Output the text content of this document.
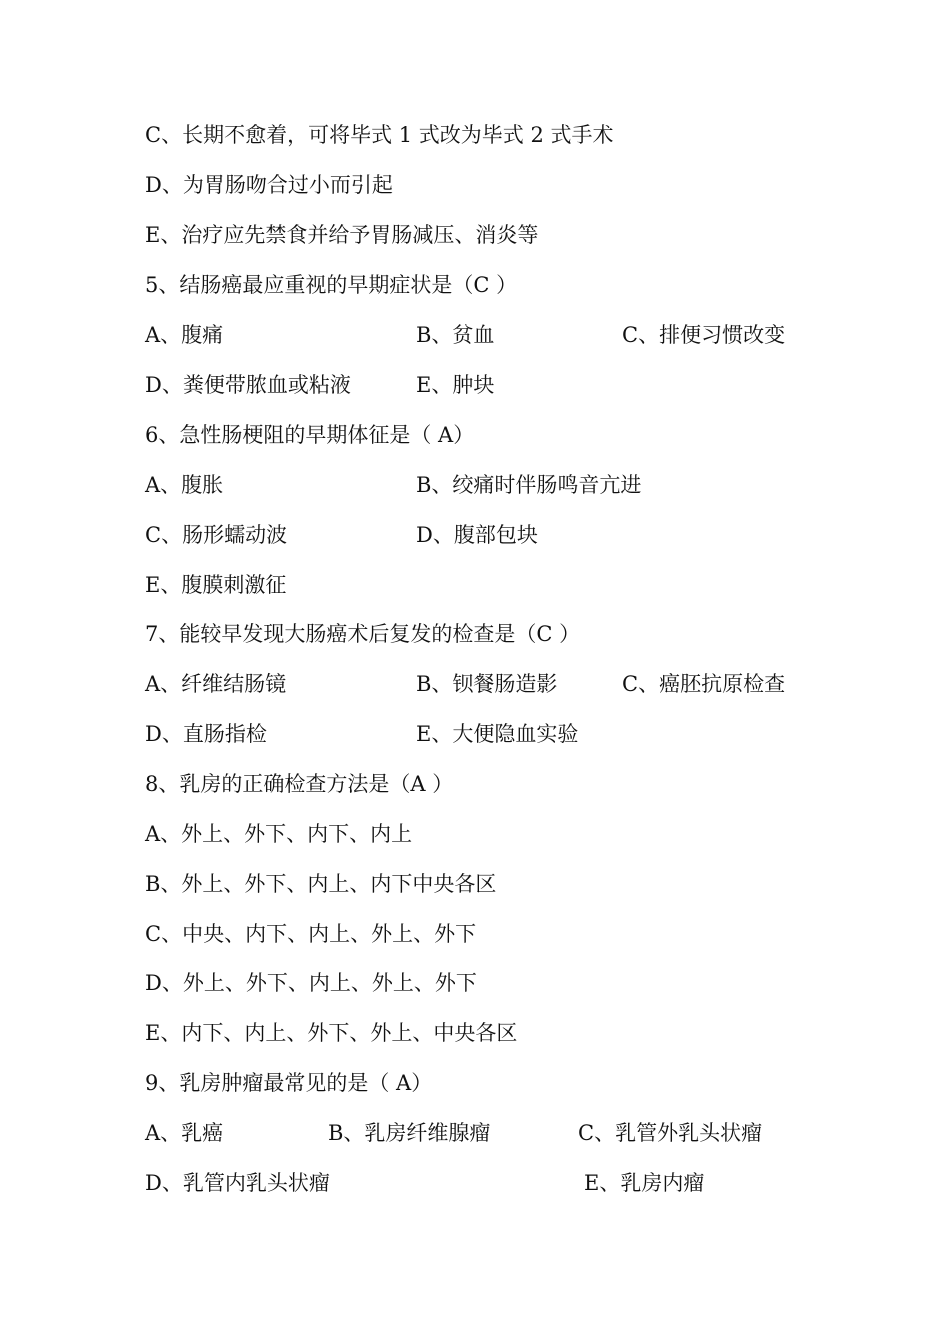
C、长期不愈着，可将毕式 1 式改为毕式 2 式手术
D、为胃肠吻合过小而引起
E、治疗应先禁食并给予胃肠减压、消炎等
5、结肠癌最应重视的早期症状是（C ）
A、腹痛	B、贫血	C、排便习惯改变
D、粪便带脓血或粘液	E、肿块
6、急性肠梗阻的早期体征是（ A）
A、腹胀	B、绞痛时伴肠鸣音亢进
C、肠形蠕动波	D、腹部包块
E、腹膜刺激征
7、能较早发现大肠癌术后复发的检查是（C ）
A、纤维结肠镜	B、钡餐肠造影	C、癌胚抗原检查
D、直肠指检	E、大便隐血实验
8、乳房的正确检查方法是（A ）
A、外上、外下、内下、内上
B、外上、外下、内上、内下中央各区
C、中央、内下、内上、外上、外下
D、外上、外下、内上、外上、外下
E、内下、内上、外下、外上、中央各区
9、乳房肿瘤最常见的是（ A）
A、乳癌	B、乳房纤维腺瘤	C、乳管外乳头状瘤
D、乳管内乳头状瘤	E、乳房内瘤
